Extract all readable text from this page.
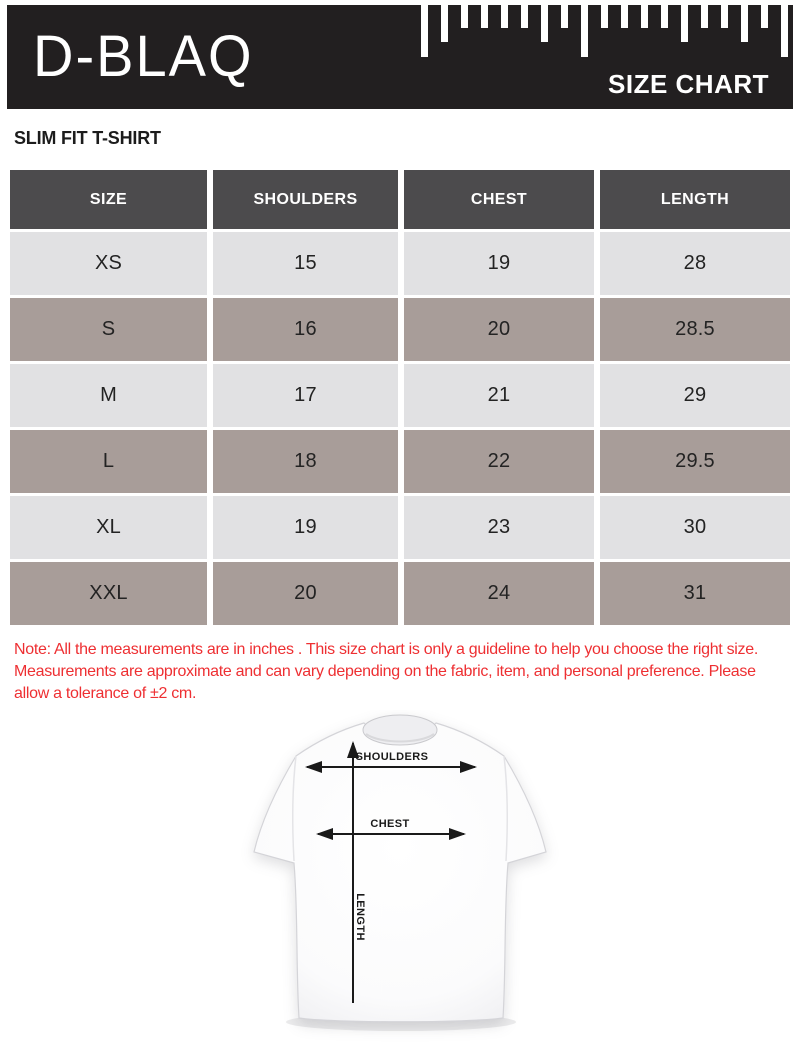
D-BLAQ	SIZE CHART
SLIM FIT T-SHIRT
SIZE	SHOULDERS	CHEST	LENGTH
XS	15	19	28
S	16	20	28.5
M	17	21	29
L	18	22	29.5
XL	19	23	30
XXL	20	24	31
Note: All the measurements are in inches . This size chart is only a guideline to help you choose the right size. Measurements are approximate and can vary depending on the fabric, item, and personal preference. Please allow a tolerance of ±2 cm.
LENGTH
SHOULDERS
CHEST
